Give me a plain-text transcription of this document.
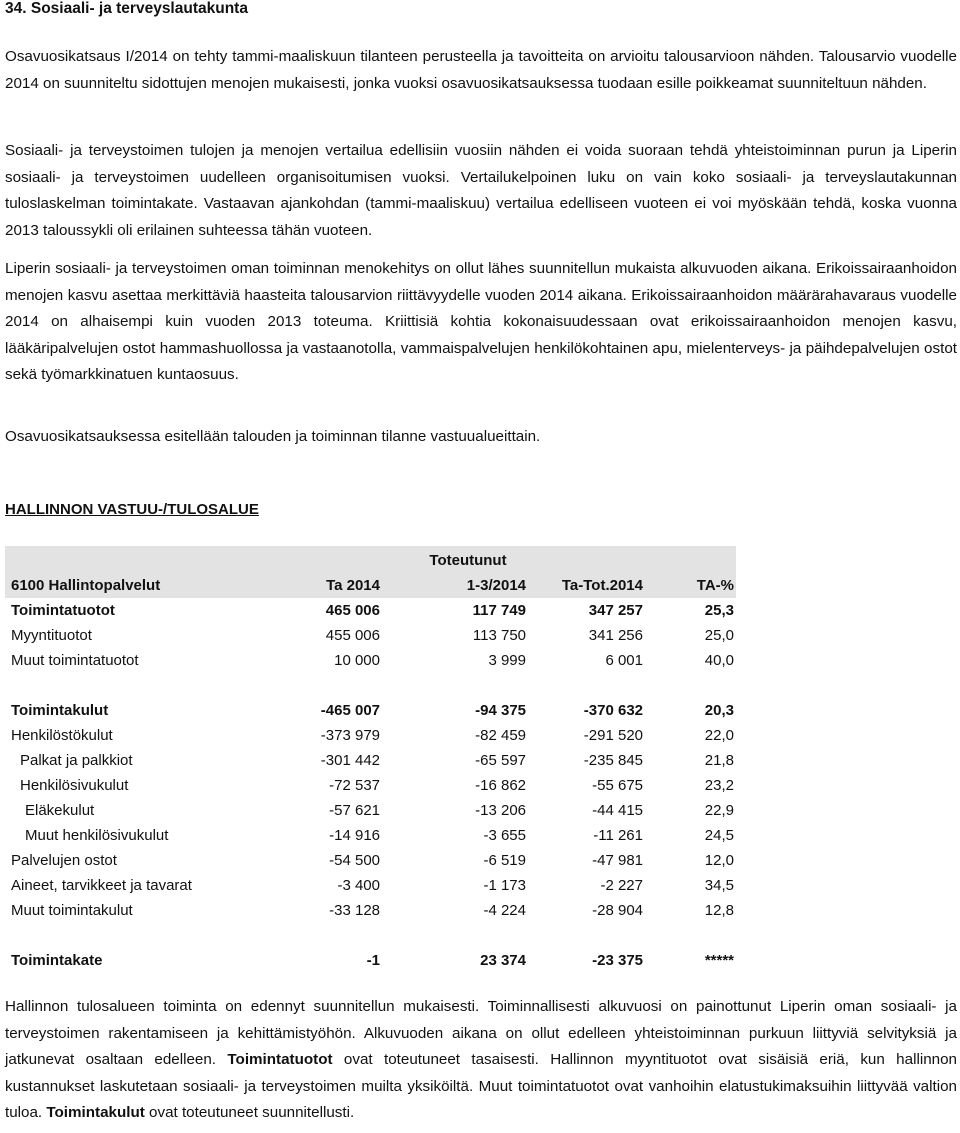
34. Sosiaali- ja terveyslautakunta

Osavuosikatsaus I/2014 on tehty tammi-maaliskuun tilanteen perusteella ja tavoitteita on arvioitu talousarvioon nähden. Talousarvio vuodelle 2014 on suunniteltu sidottujen menojen mukaisesti, jonka vuoksi osavuosikatsauksessa tuodaan esille poikkeamat suunniteltuun nähden.

Sosiaali- ja terveystoimen tulojen ja menojen vertailua edellisiin vuosiin nähden ei voida suoraan tehdä yhteistoiminnan purun ja Liperin sosiaali- ja terveystoimen uudelleen organisoitumisen vuoksi. Vertailukelpoinen luku on vain koko sosiaali- ja terveyslautakunnan tuloslaskelman toimintakate. Vastaavan ajankohdan (tammi-maaliskuu) vertailua edelliseen vuoteen ei voi myöskään tehdä, koska vuonna 2013 taloussykli oli erilainen suhteessa tähän vuoteen.

Liperin sosiaali- ja terveystoimen oman toiminnan menokehitys on ollut lähes suunnitellun mukaista alkuvuoden aikana. Erikoissairaanhoidon menojen kasvu asettaa merkittäviä haasteita talousarvion riittävyydelle vuoden 2014 aikana. Erikoissairaanhoidon määrärahavaraus vuodelle 2014 on alhaisempi kuin vuoden 2013 toteuma. Kriittisiä kohtia kokonaisuudessaan ovat erikoissairaanhoidon menojen kasvu, lääkäripalvelujen ostot hammashuollossa ja vastaanotolla, vammaispalvelujen henkilökohtainen apu, mielenterveys- ja päihdepalvelujen ostot sekä työmarkkinatuen kuntaosuus.

Osavuosikatsauksessa esitellään talouden ja toiminnan tilanne vastuualueittain.

HALLINNON VASTUU-/TULOSALUE

Hallinnon tulosalueen toiminta on edennyt suunnitellun mukaisesti. Toiminnallisesti alkuvuosi on painottunut Liperin oman sosiaali- ja terveystoimen rakentamiseen ja kehittämistyöhön. Alkuvuoden aikana on ollut edelleen yhteistoiminnan purkuun liittyviä selvityksiä ja jatkunevat osaltaan edelleen. Toimintatuotot ovat toteutuneet tasaisesti. Hallinnon myyntituotot ovat sisäisiä eriä, kun hallinnon kustannukset laskutetaan sosiaali- ja terveystoimen muilta yksiköiltä. Muut toimintatuotot ovat vanhoihin elatustukimaksuihin liittyvää valtion tuloa. Toimintakulut ovat toteutuneet suunnitellusti.

		Toteutunut		
6100 Hallintopalvelut	Ta 2014	1-3/2014	Ta-Tot.2014	TA-%
Toimintatuotot	465 006	117 749	347 257	25,3
Myyntituotot	455 006	113 750	341 256	25,0
Muut toimintatuotot	10 000	3 999	6 001	40,0

Toimintakulut	-465 007	-94 375	-370 632	20,3
Henkilöstökulut	-373 979	-82 459	-291 520	22,0
Palkat ja palkkiot	-301 442	-65 597	-235 845	21,8
Henkilösivukulut	-72 537	-16 862	-55 675	23,2
Eläkekulut	-57 621	-13 206	-44 415	22,9
Muut henkilösivukulut	-14 916	-3 655	-11 261	24,5
Palvelujen ostot	-54 500	-6 519	-47 981	12,0
Aineet, tarvikkeet ja tavarat	-3 400	-1 173	-2 227	34,5
Muut toimintakulut	-33 128	-4 224	-28 904	12,8

Toimintakate	-1	23 374	-23 375	*****
